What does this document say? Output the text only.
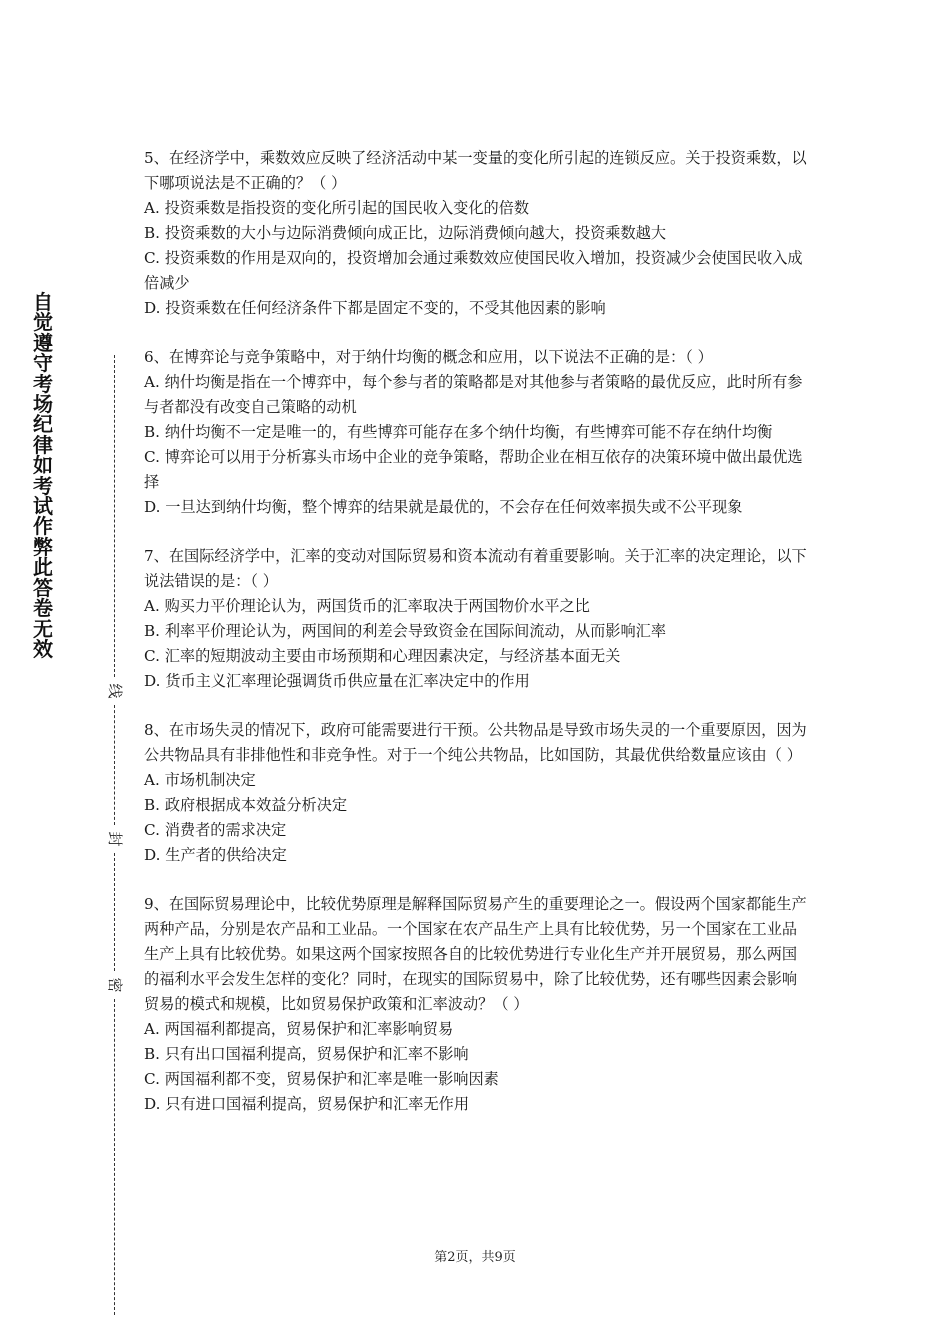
自觉遵守考场纪律如考试作弊此答卷无效
线
封
密

5、在经济学中，乘数效应反映了经济活动中某一变量的变化所引起的连锁反应。关于投资乘数，以下哪项说法是不正确的？（ ）

A. 投资乘数是指投资的变化所引起的国民收入变化的倍数

B. 投资乘数的大小与边际消费倾向成正比，边际消费倾向越大，投资乘数越大

C. 投资乘数的作用是双向的，投资增加会通过乘数效应使国民收入增加，投资减少会使国民收入成倍减少

D. 投资乘数在任何经济条件下都是固定不变的，不受其他因素的影响

6、在博弈论与竞争策略中，对于纳什均衡的概念和应用，以下说法不正确的是：（ ）

A. 纳什均衡是指在一个博弈中，每个参与者的策略都是对其他参与者策略的最优反应，此时所有参与者都没有改变自己策略的动机

B. 纳什均衡不一定是唯一的，有些博弈可能存在多个纳什均衡，有些博弈可能不存在纳什均衡

C. 博弈论可以用于分析寡头市场中企业的竞争策略，帮助企业在相互依存的决策环境中做出最优选择

D. 一旦达到纳什均衡，整个博弈的结果就是最优的，不会存在任何效率损失或不公平现象

7、在国际经济学中，汇率的变动对国际贸易和资本流动有着重要影响。关于汇率的决定理论，以下说法错误的是：（ ）

A. 购买力平价理论认为，两国货币的汇率取决于两国物价水平之比

B. 利率平价理论认为，两国间的利差会导致资金在国际间流动，从而影响汇率

C. 汇率的短期波动主要由市场预期和心理因素决定，与经济基本面无关

D. 货币主义汇率理论强调货币供应量在汇率决定中的作用

8、在市场失灵的情况下，政府可能需要进行干预。公共物品是导致市场失灵的一个重要原因，因为公共物品具有非排他性和非竞争性。对于一个纯公共物品，比如国防，其最优供给数量应该由（ ）

A. 市场机制决定

B. 政府根据成本效益分析决定

C. 消费者的需求决定

D. 生产者的供给决定

9、在国际贸易理论中，比较优势原理是解释国际贸易产生的重要理论之一。假设两个国家都能生产两种产品，分别是农产品和工业品。一个国家在农产品生产上具有比较优势，另一个国家在工业品生产上具有比较优势。如果这两个国家按照各自的比较优势进行专业化生产并开展贸易，那么两国的福利水平会发生怎样的变化？同时，在现实的国际贸易中，除了比较优势，还有哪些因素会影响贸易的模式和规模，比如贸易保护政策和汇率波动？（ ）

A. 两国福利都提高，贸易保护和汇率影响贸易

B. 只有出口国福利提高，贸易保护和汇率不影响

C. 两国福利都不变，贸易保护和汇率是唯一影响因素

D. 只有进口国福利提高，贸易保护和汇率无作用

第2页，共9页
